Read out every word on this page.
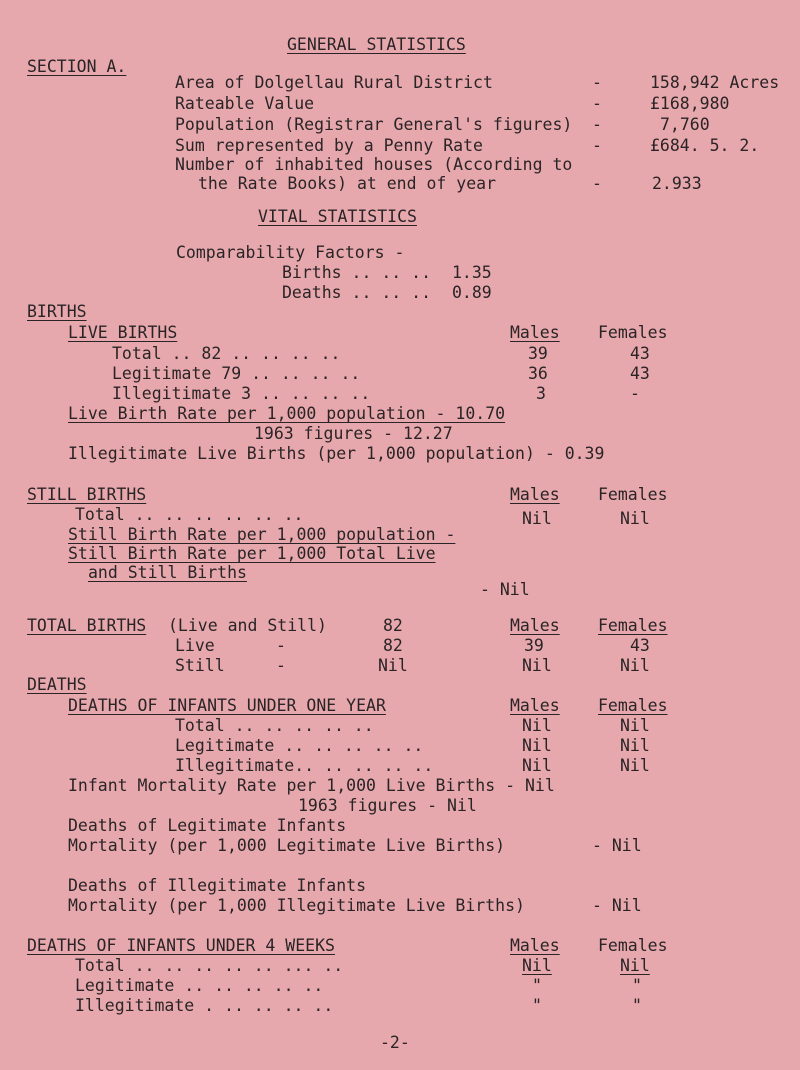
GENERAL STATISTICS
SECTION A.
Area of Dolgellau Rural District	-	158,942 Acres
Rateable Value	-	£168,980
Population (Registrar General's figures) -	7,760
Sum represented by a Penny Rate	-	£684. 5. 2.
Number of inhabited houses (According to
the Rate Books) at end of year	-	2.933
VITAL STATISTICS
Comparability Factors -
Births .. .. .. 1.35
Deaths .. .. .. 0.89
BIRTHS
LIVE BIRTHS	Males Females
Total .. 82 .. .. .. ..	39	43
Legitimate 79 .. .. .. ..	36	43
Illegitimate 3 .. .. .. ..	3	-
Live Birth Rate per 1,000 population - 10.70
1963 figures - 12.27
Illegitimate Live Births (per 1,000 population) - 0.39
STILL BIRTHS	Males Females
Total .. .. .. .. .. ..	Nil	Nil
Still Birth Rate per 1,000 population -
Still Birth Rate per 1,000 Total Live
and Still Births
- Nil
TOTAL BIRTHS (Live and Still)	82	Males Females
Live	-	82	39	43
Still	-	Nil	Nil	Nil
DEATHS
DEATHS OF INFANTS UNDER ONE YEAR	Males Females
Total .. .. .. .. ..	Nil	Nil
Legitimate .. .. .. .. ..	Nil	Nil
Illegitimate.. .. .. .. ..	Nil	Nil
Infant Mortality Rate per 1,000 Live Births - Nil
1963 figures - Nil
Deaths of Legitimate Infants
Mortality (per 1,000 Legitimate Live Births)	- Nil
Deaths of Illegitimate Infants
Mortality (per 1,000 Illegitimate Live Births)	- Nil
DEATHS OF INFANTS UNDER 4 WEEKS	Males Females
Total .. .. .. .. .. ... ..	Nil	Nil
Legitimate .. .. .. .. ..	"	"
Illegitimate . .. .. .. ..	"	"
-2-
